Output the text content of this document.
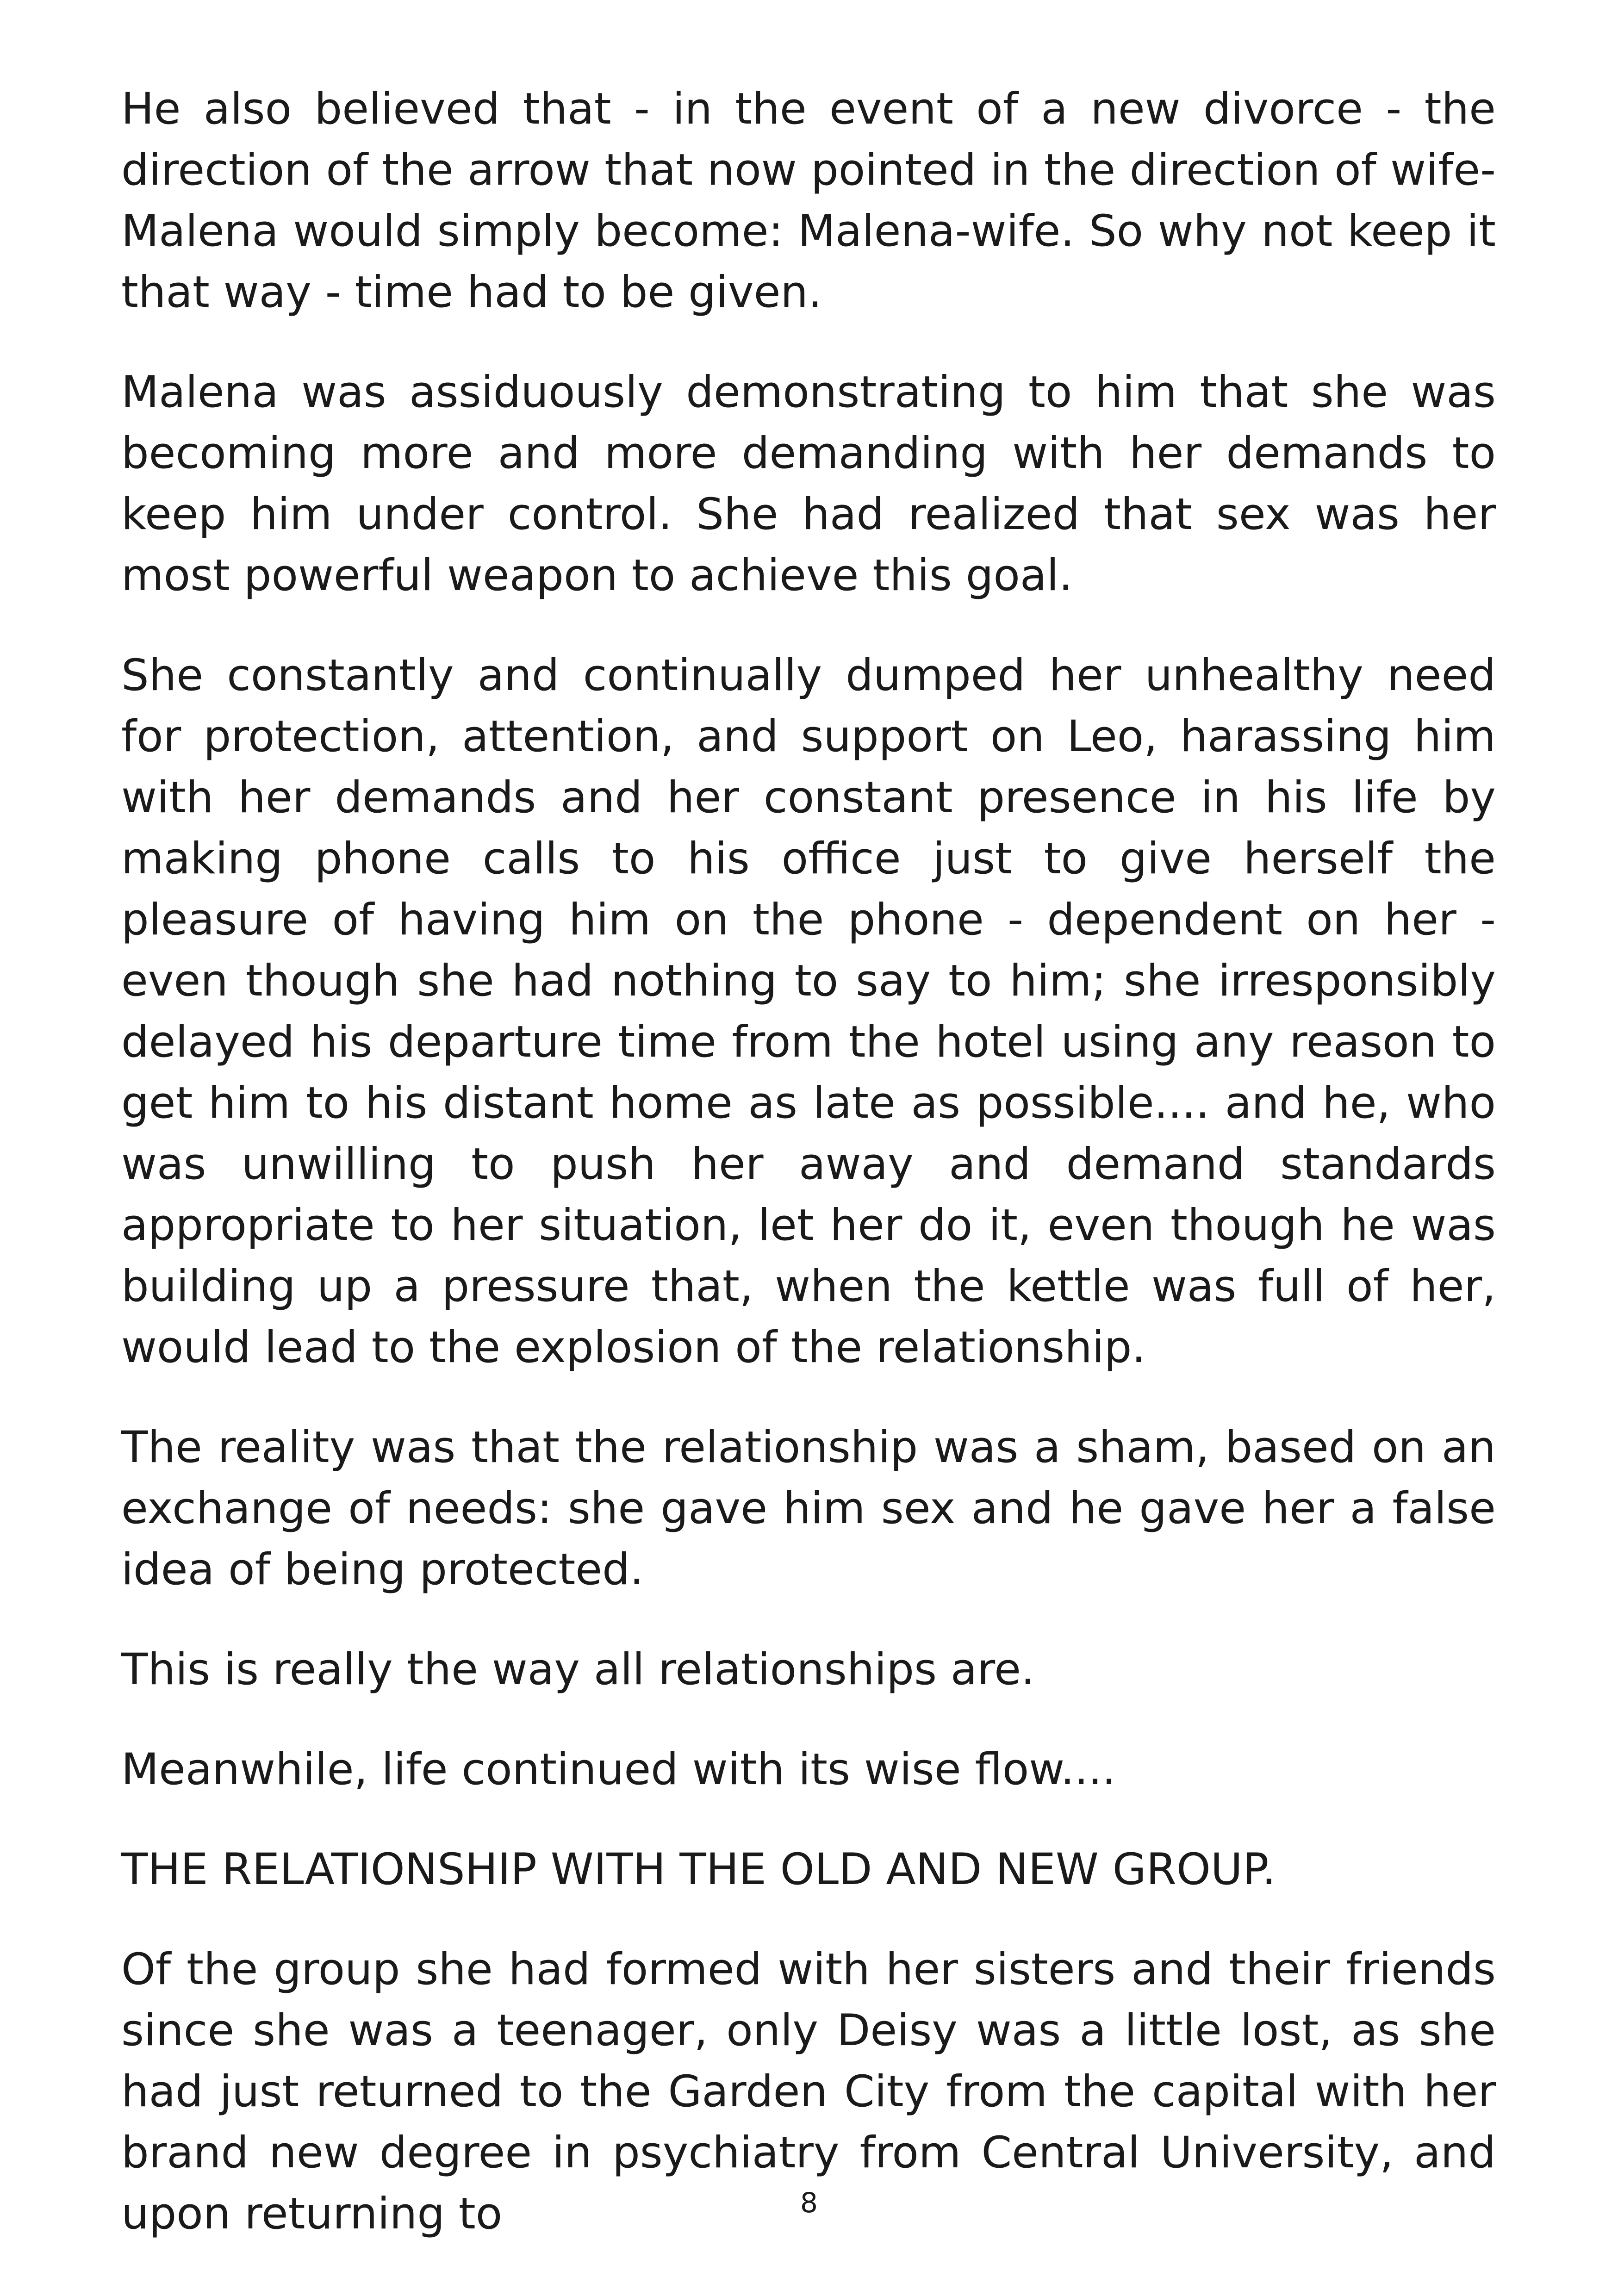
He also believed that - in the event of a new divorce - the direction of the arrow that now pointed in the direction of wife-Malena would simply become: Malena-wife. So why not keep it that way - time had to be given.

Malena was assiduously demonstrating to him that she was becoming more and more demanding with her demands to keep him under control. She had realized that sex was her most powerful weapon to achieve this goal.

She constantly and continually dumped her unhealthy need for protection, attention, and support on Leo, harassing him with her demands and her constant presence in his life by making phone calls to his office just to give herself the pleasure of having him on the phone - dependent on her - even though she had nothing to say to him; she irresponsibly delayed his departure time from the hotel using any reason to get him to his distant home as late as possible.... and he, who was unwilling to push her away and demand standards appropriate to her situation, let her do it, even though he was building up a pressure that, when the kettle was full of her, would lead to the explosion of the relationship.

The reality was that the relationship was a sham, based on an exchange of needs: she gave him sex and he gave her a false idea of being protected.

This is really the way all relationships are.

Meanwhile, life continued with its wise flow....

THE RELATIONSHIP WITH THE OLD AND NEW GROUP.

Of the group she had formed with her sisters and their friends since she was a teenager, only Deisy was a little lost, as she had just returned to the Garden City from the capital with her brand new degree in psychiatry from Central University, and upon returning to	8
